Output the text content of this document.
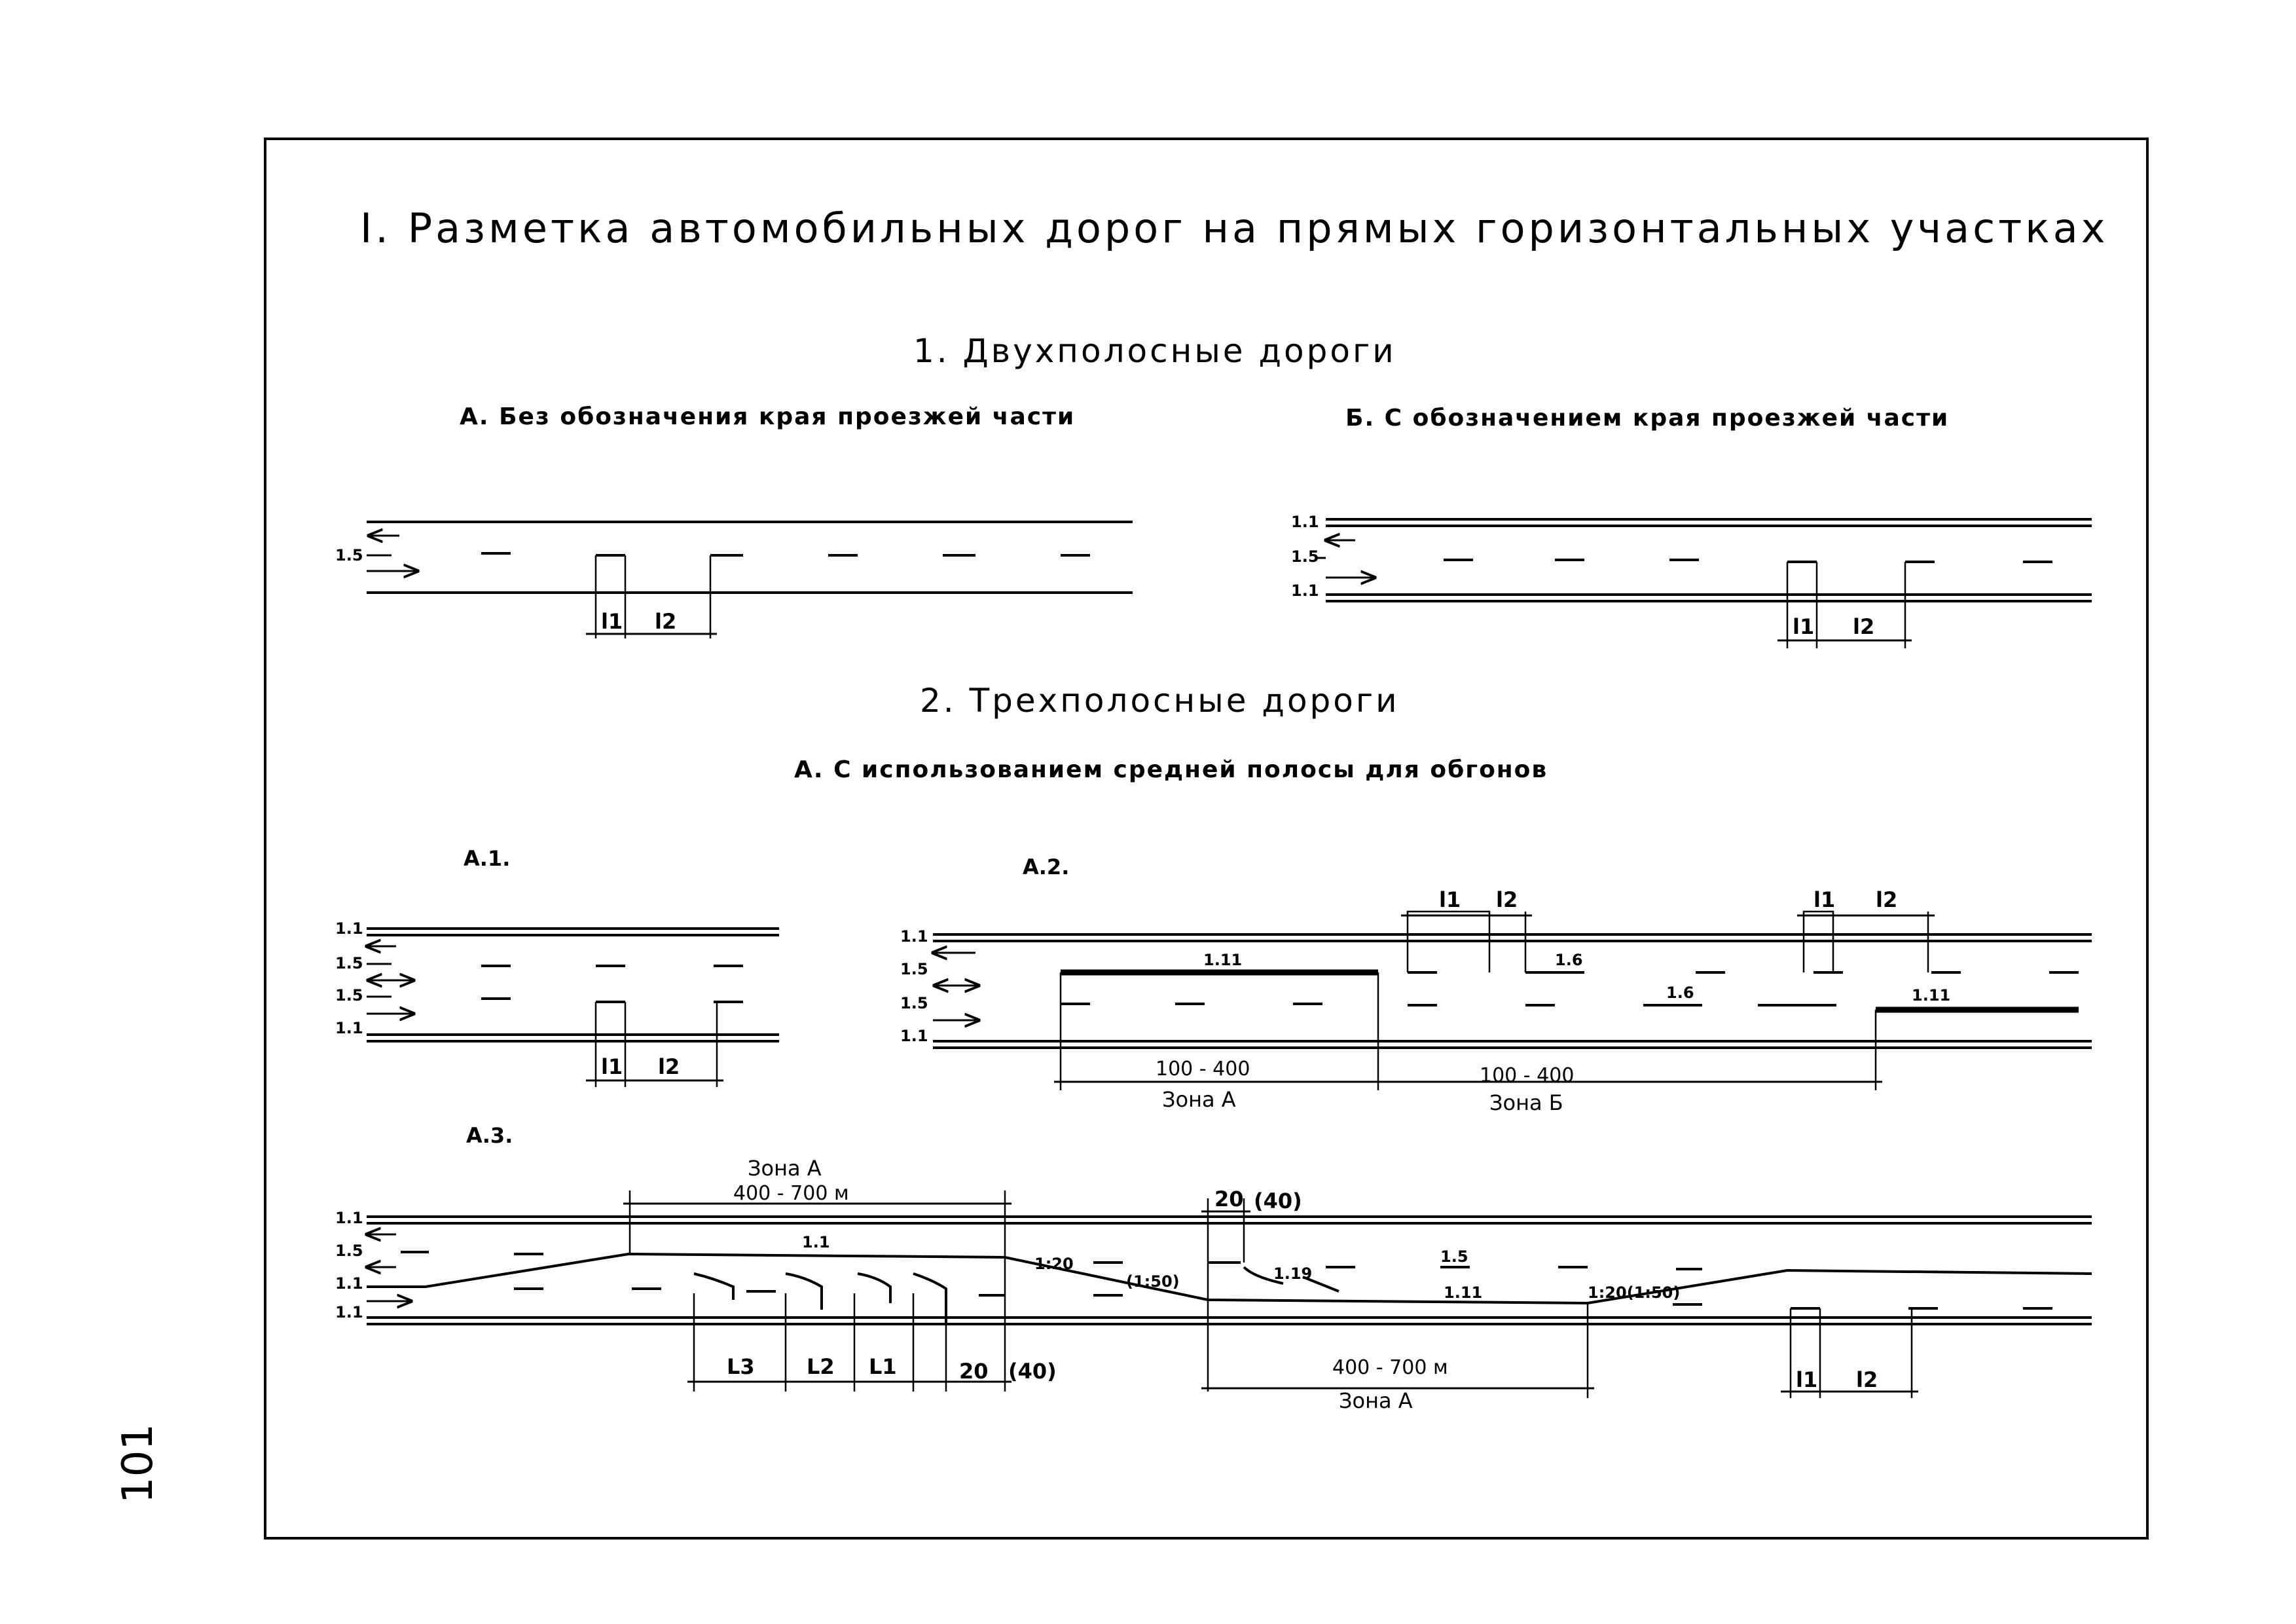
101
I. Разметка автомобильных дорог на прямых горизонтальных участках
1. Двухполосные дороги
А. Без обозначения края проезжей части	Б. С обозначением края проезжей части
1.5
l1 l2
1.1
1.5
1.1
l1 l2
2. Трехполосные дороги
А. С использованием средней полосы для обгонов
А.1.
1.1
1.5
1.5
1.1
l1 l2
А.2.
1.1
1.5
1.5
1.1
1.11	1.6
1.6	1.11
l1 l2	l1 l2
100 - 400
Зона А
100 - 400
Зона Б
А.3.
1.1
1.5
1.1
1.1
1.1
Зона А
400 - 700 м
1:20
(1:50)
20 (40)
1.19
1.5
1.11	1:20(1:50)
L3 L2 L1	20 (40)	400 - 700 м
Зона А
l1 l2
